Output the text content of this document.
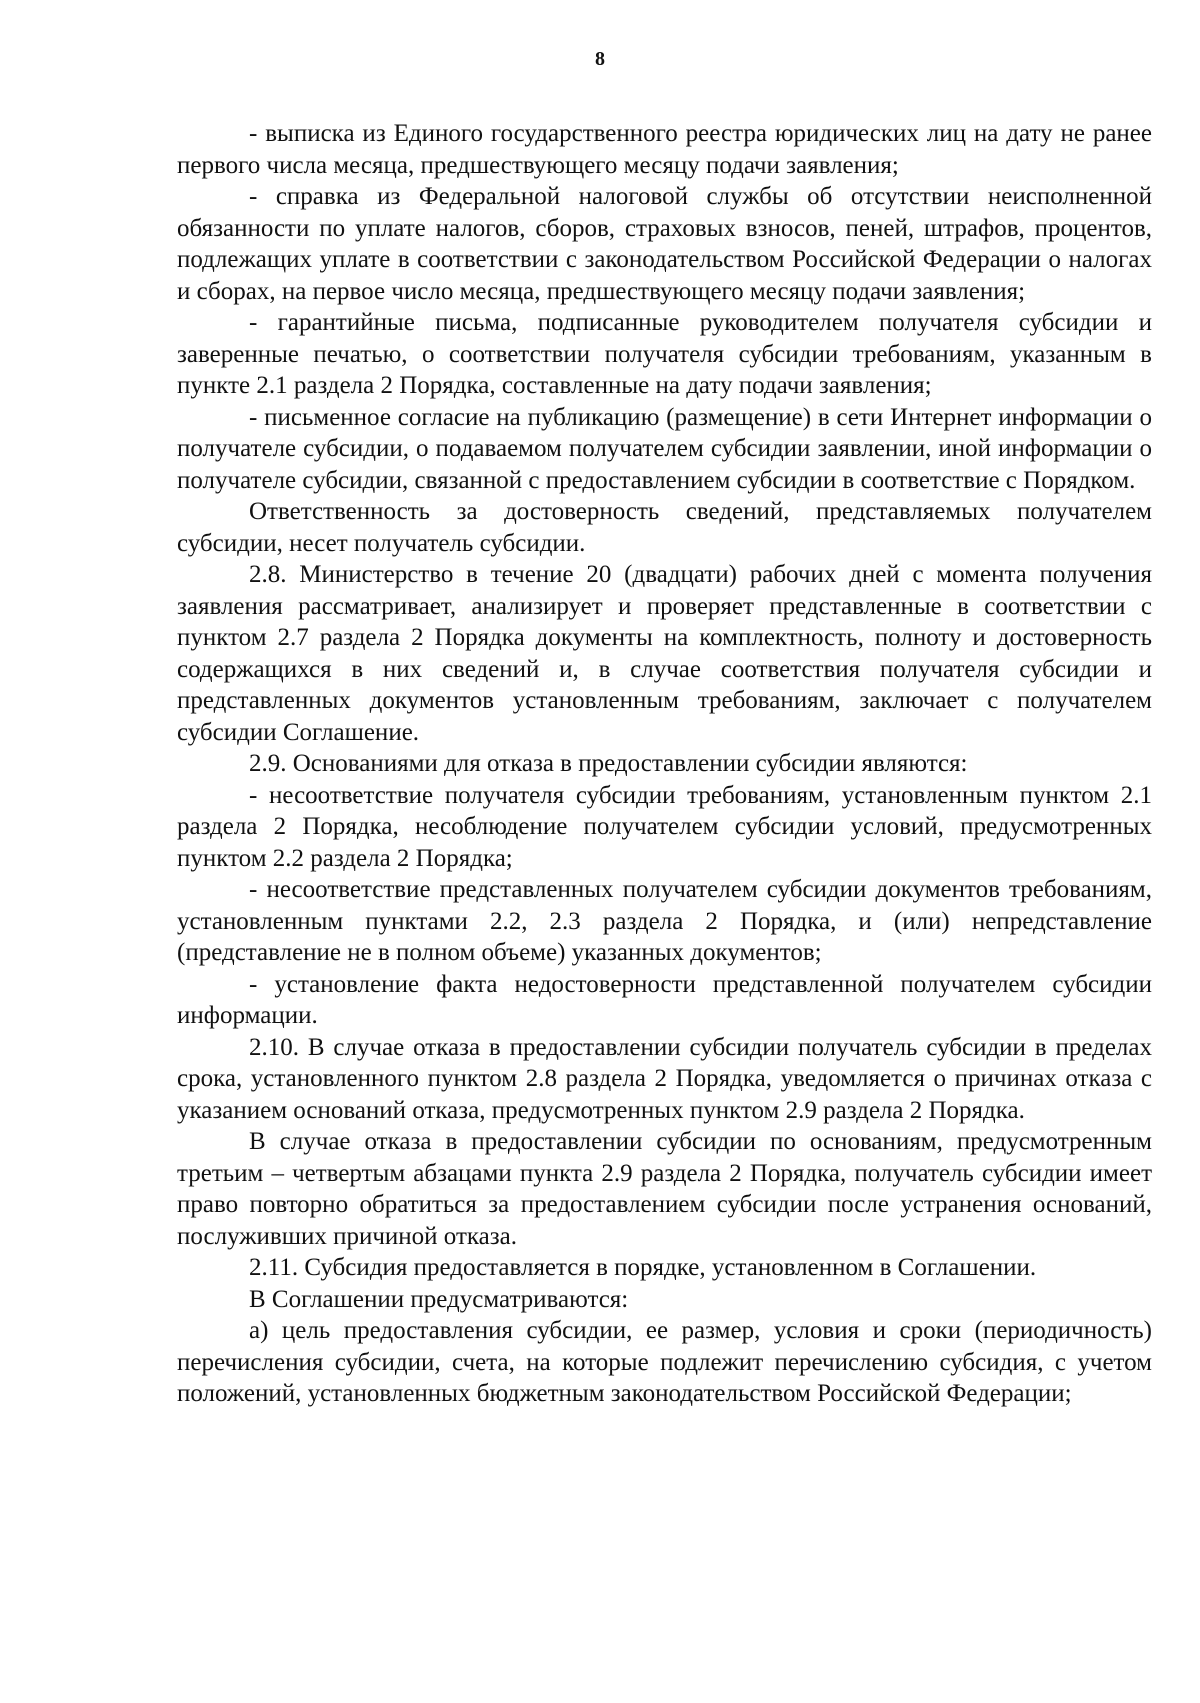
8

- выписка из Единого государственного реестра юридических лиц на дату не ранее первого числа месяца, предшествующего месяцу подачи заявления;

- справка из Федеральной налоговой службы об отсутствии неисполненной обязанности по уплате налогов, сборов, страховых взносов, пеней, штрафов, процентов, подлежащих уплате в соответствии с законодательством Российской Федерации о налогах и сборах, на первое число месяца, предшествующего месяцу подачи заявления;

- гарантийные письма, подписанные руководителем получателя субсидии и заверенные печатью, о соответствии получателя субсидии требованиям, указанным в пункте 2.1 раздела 2 Порядка, составленные на дату подачи заявления;

- письменное согласие на публикацию (размещение) в сети Интернет информации о получателе субсидии, о подаваемом получателем субсидии заявлении, иной информации о получателе субсидии, связанной с предоставлением субсидии в соответствие с Порядком.

Ответственность за достоверность сведений, представляемых получателем субсидии, несет получатель субсидии.

2.8. Министерство в течение 20 (двадцати) рабочих дней с момента получения заявления рассматривает, анализирует и проверяет представленные в соответствии с пунктом 2.7 раздела 2 Порядка документы на комплектность, полноту и достоверность содержащихся в них сведений и, в случае соответствия получателя субсидии и представленных документов установленным требованиям, заключает с получателем субсидии Соглашение.

2.9. Основаниями для отказа в предоставлении субсидии являются:

- несоответствие получателя субсидии требованиям, установленным пунктом 2.1 раздела 2 Порядка, несоблюдение получателем субсидии условий, предусмотренных пунктом 2.2 раздела 2 Порядка;

- несоответствие представленных получателем субсидии документов требованиям, установленным пунктами 2.2, 2.3 раздела 2 Порядка, и (или) непредставление (представление не в полном объеме) указанных документов;

- установление факта недостоверности представленной получателем субсидии информации.

2.10. В случае отказа в предоставлении субсидии получатель субсидии в пределах срока, установленного пунктом 2.8 раздела 2 Порядка, уведомляется о причинах отказа с указанием оснований отказа, предусмотренных пунктом 2.9 раздела 2 Порядка.

В случае отказа в предоставлении субсидии по основаниям, предусмотренным третьим – четвертым абзацами пункта 2.9 раздела 2 Порядка, получатель субсидии имеет право повторно обратиться за предоставлением субсидии после устранения оснований, послуживших причиной отказа.

2.11. Субсидия предоставляется в порядке, установленном в Соглашении.

В Соглашении предусматриваются:

а) цель предоставления субсидии, ее размер, условия и сроки (периодичность) перечисления субсидии, счета, на которые подлежит перечислению субсидия, с учетом положений, установленных бюджетным законодательством Российской Федерации;
